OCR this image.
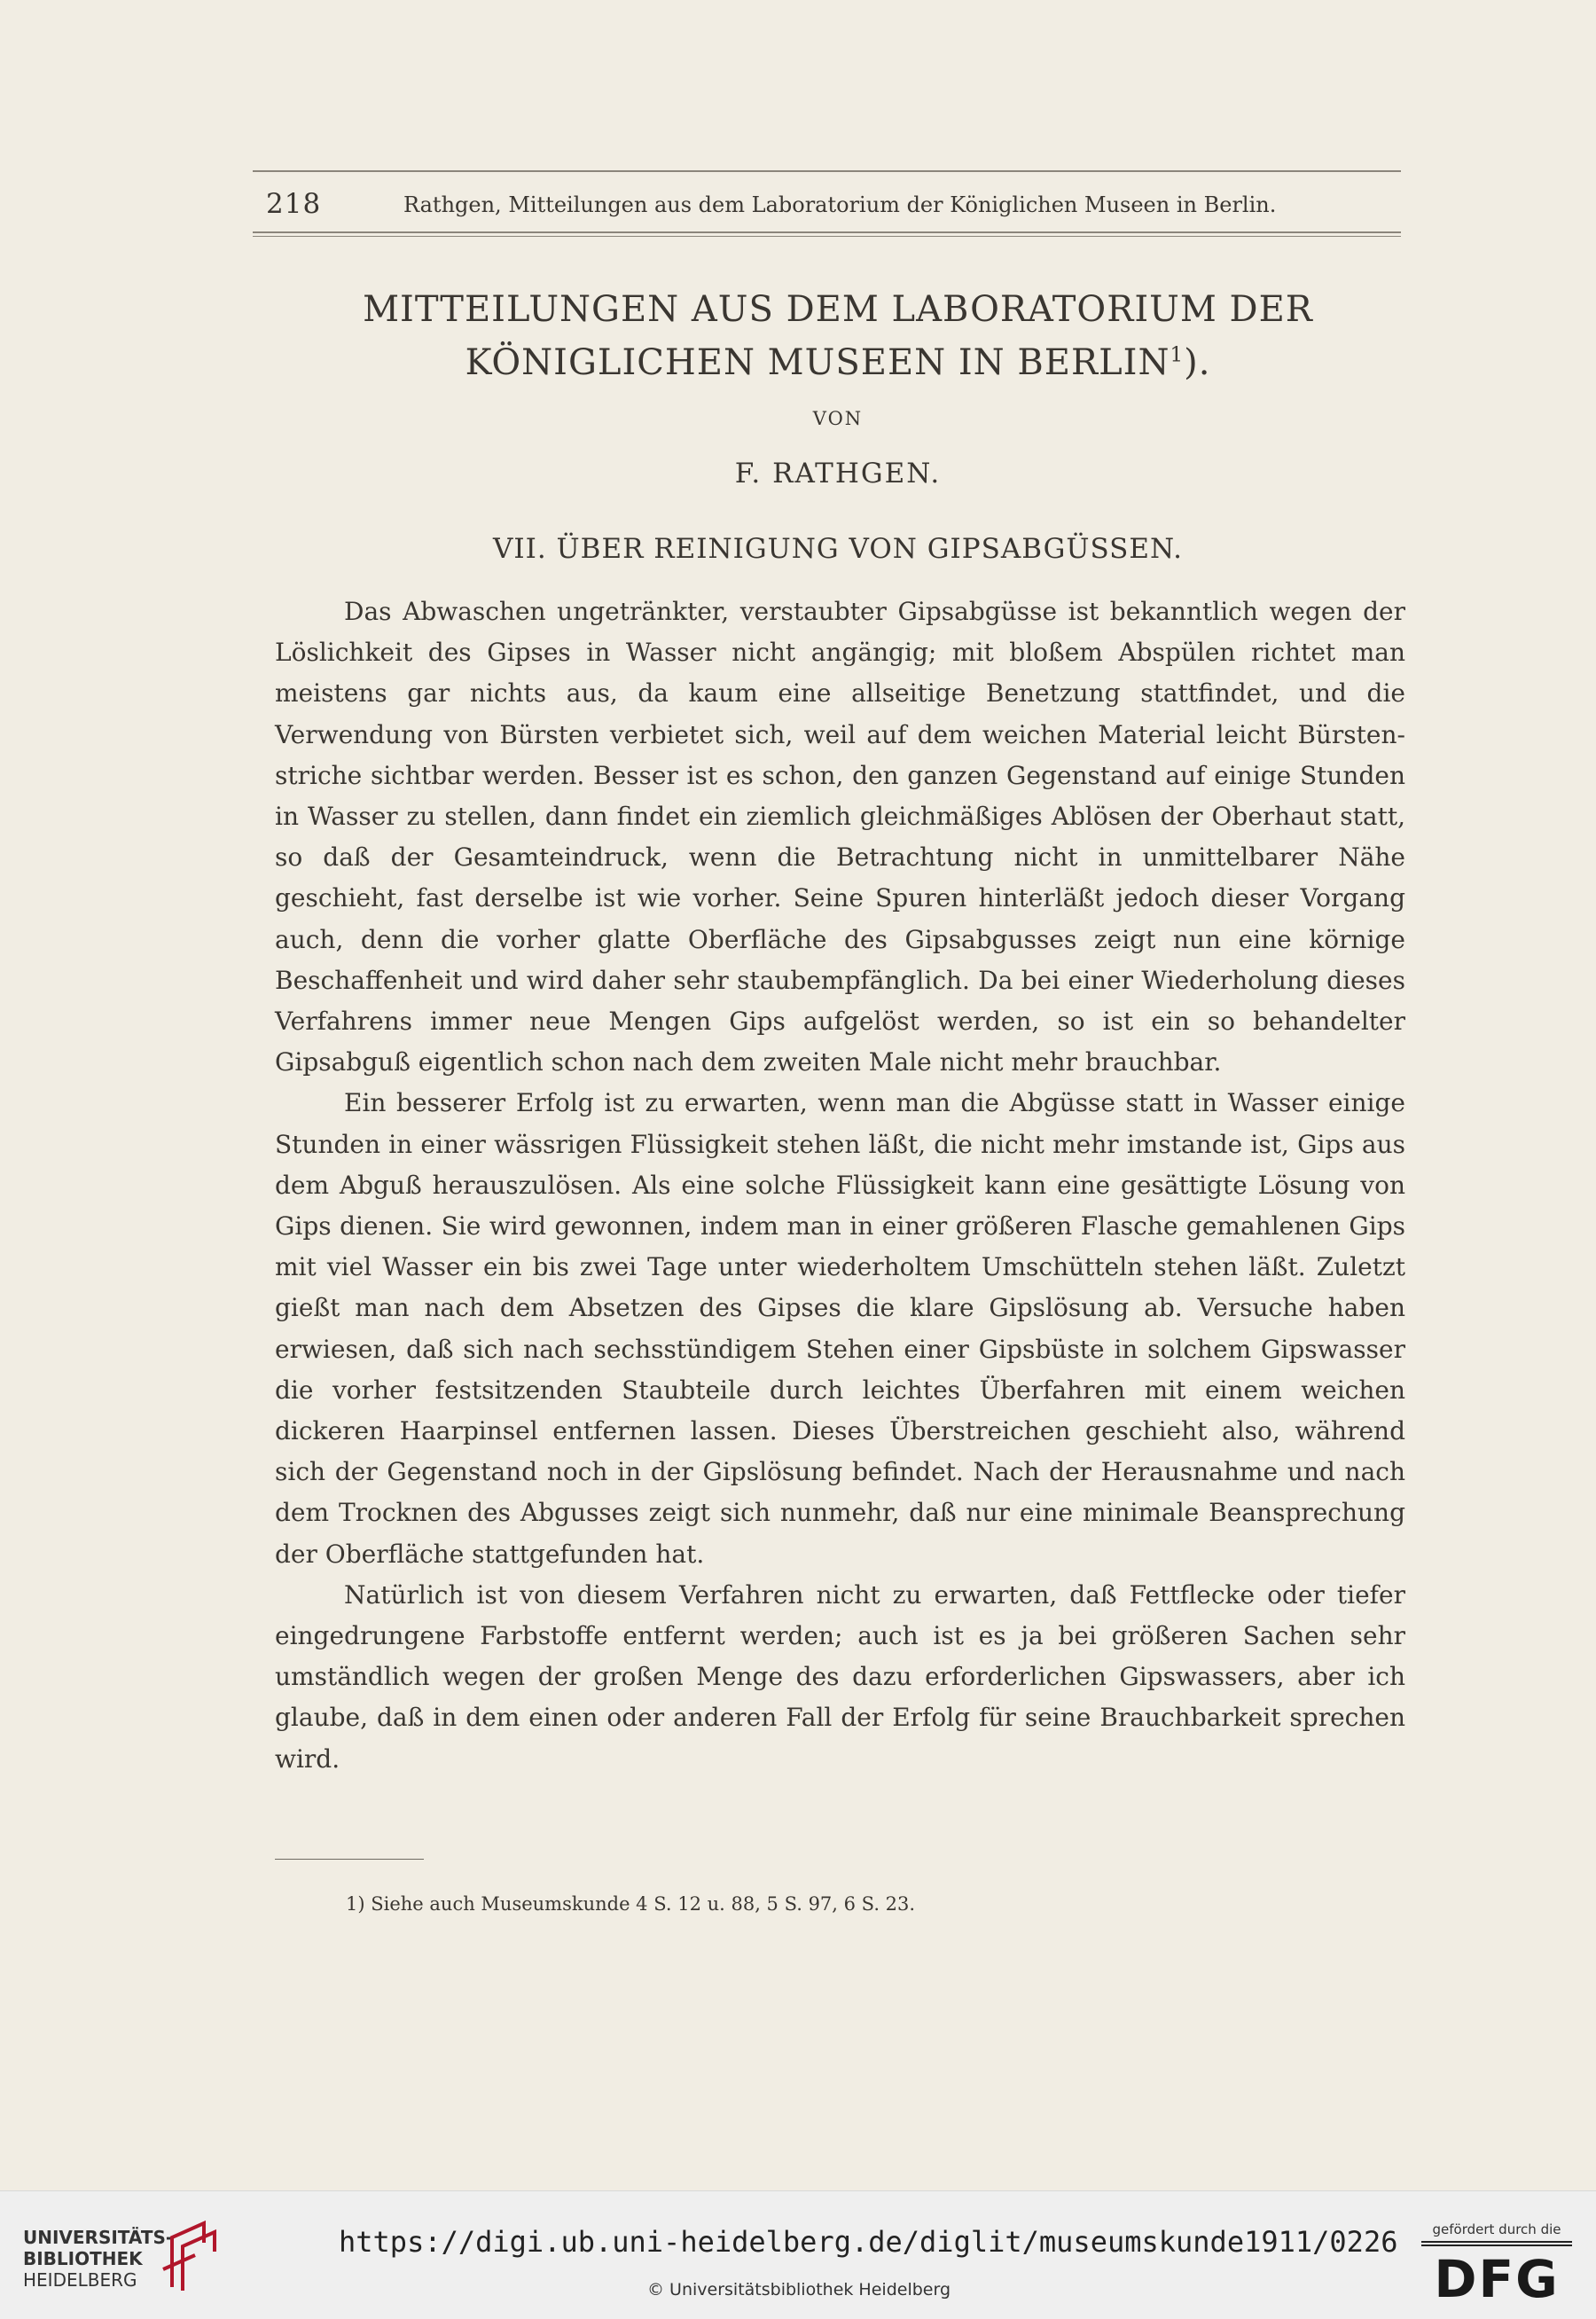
218	Rathgen, Mitteilungen aus dem Laboratorium der Königlichen Museen in Berlin.
MITTEILUNGEN AUS DEM LABORATORIUM DER
KÖNIGLICHEN MUSEEN IN BERLIN$^1$).
VON
F. RATHGEN.
VII. ÜBER REINIGUNG VON GIPSABGÜSSEN.

Das Abwaschen ungetränkter, verstaubter Gipsabgüsse ist bekanntlich wegen der Löslichkeit des Gipses in Wasser nicht angängig; mit bloßem Abspülen richtet man meistens gar nichts aus, da kaum eine allseitige Benetzung stattfindet, und die Verwendung von Bürsten verbietet sich, weil auf dem weichen Material leicht Bürstenstriche sichtbar werden. Besser ist es schon, den ganzen Gegenstand auf einige Stunden in Wasser zu stellen, dann findet ein ziemlich gleichmäßiges Ablösen der Oberhaut statt, so daß der Gesamteindruck, wenn die Betrachtung nicht in unmittelbarer Nähe geschieht, fast derselbe ist wie vorher. Seine Spuren hinterläßt jedoch dieser Vorgang auch, denn die vorher glatte Oberfläche des Gipsabgusses zeigt nun eine körnige Beschaffenheit und wird daher sehr staubempfänglich. Da bei einer Wiederholung dieses Verfahrens immer neue Mengen Gips aufgelöst werden, so ist ein so behandelter Gipsabguß eigentlich schon nach dem zweiten Male nicht mehr brauchbar.

Ein besserer Erfolg ist zu erwarten, wenn man die Abgüsse statt in Wasser einige Stunden in einer wässrigen Flüssigkeit stehen läßt, die nicht mehr imstande ist, Gips aus dem Abguß herauszulösen. Als eine solche Flüssigkeit kann eine gesättigte Lösung von Gips dienen. Sie wird gewonnen, indem man in einer größeren Flasche gemahlenen Gips mit viel Wasser ein bis zwei Tage unter wiederholtem Umschütteln stehen läßt. Zuletzt gießt man nach dem Absetzen des Gipses die klare Gipslösung ab. Versuche haben erwiesen, daß sich nach sechsstündigem Stehen einer Gipsbüste in solchem Gipswasser die vorher festsitzenden Staubteile durch leichtes Überfahren mit einem weichen dickeren Haarpinsel entfernen lassen. Dieses Überstreichen geschieht also, während sich der Gegenstand noch in der Gipslösung befindet. Nach der Herausnahme und nach dem Trocknen des Abgusses zeigt sich nunmehr, daß nur eine minimale Beansprechung der Oberfläche stattgefunden hat.

Natürlich ist von diesem Verfahren nicht zu erwarten, daß Fettflecke oder tiefer eingedrungene Farbstoffe entfernt werden; auch ist es ja bei größeren Sachen sehr umständlich wegen der großen Menge des dazu erforderlichen Gipswassers, aber ich glaube, daß in dem einen oder anderen Fall der Erfolg für seine Brauchbarkeit sprechen wird.

1) Siehe auch Museumskunde 4 S. 12 u. 88, 5 S. 97, 6 S. 23.
UNIVERSITÄTS-
BIBLIOTHEK
HEIDELBERG
https://digi.ub.uni-heidelberg.de/diglit/museumskunde1911/0226
© Universitätsbibliothek Heidelberg
gefördert durch die
DFG
